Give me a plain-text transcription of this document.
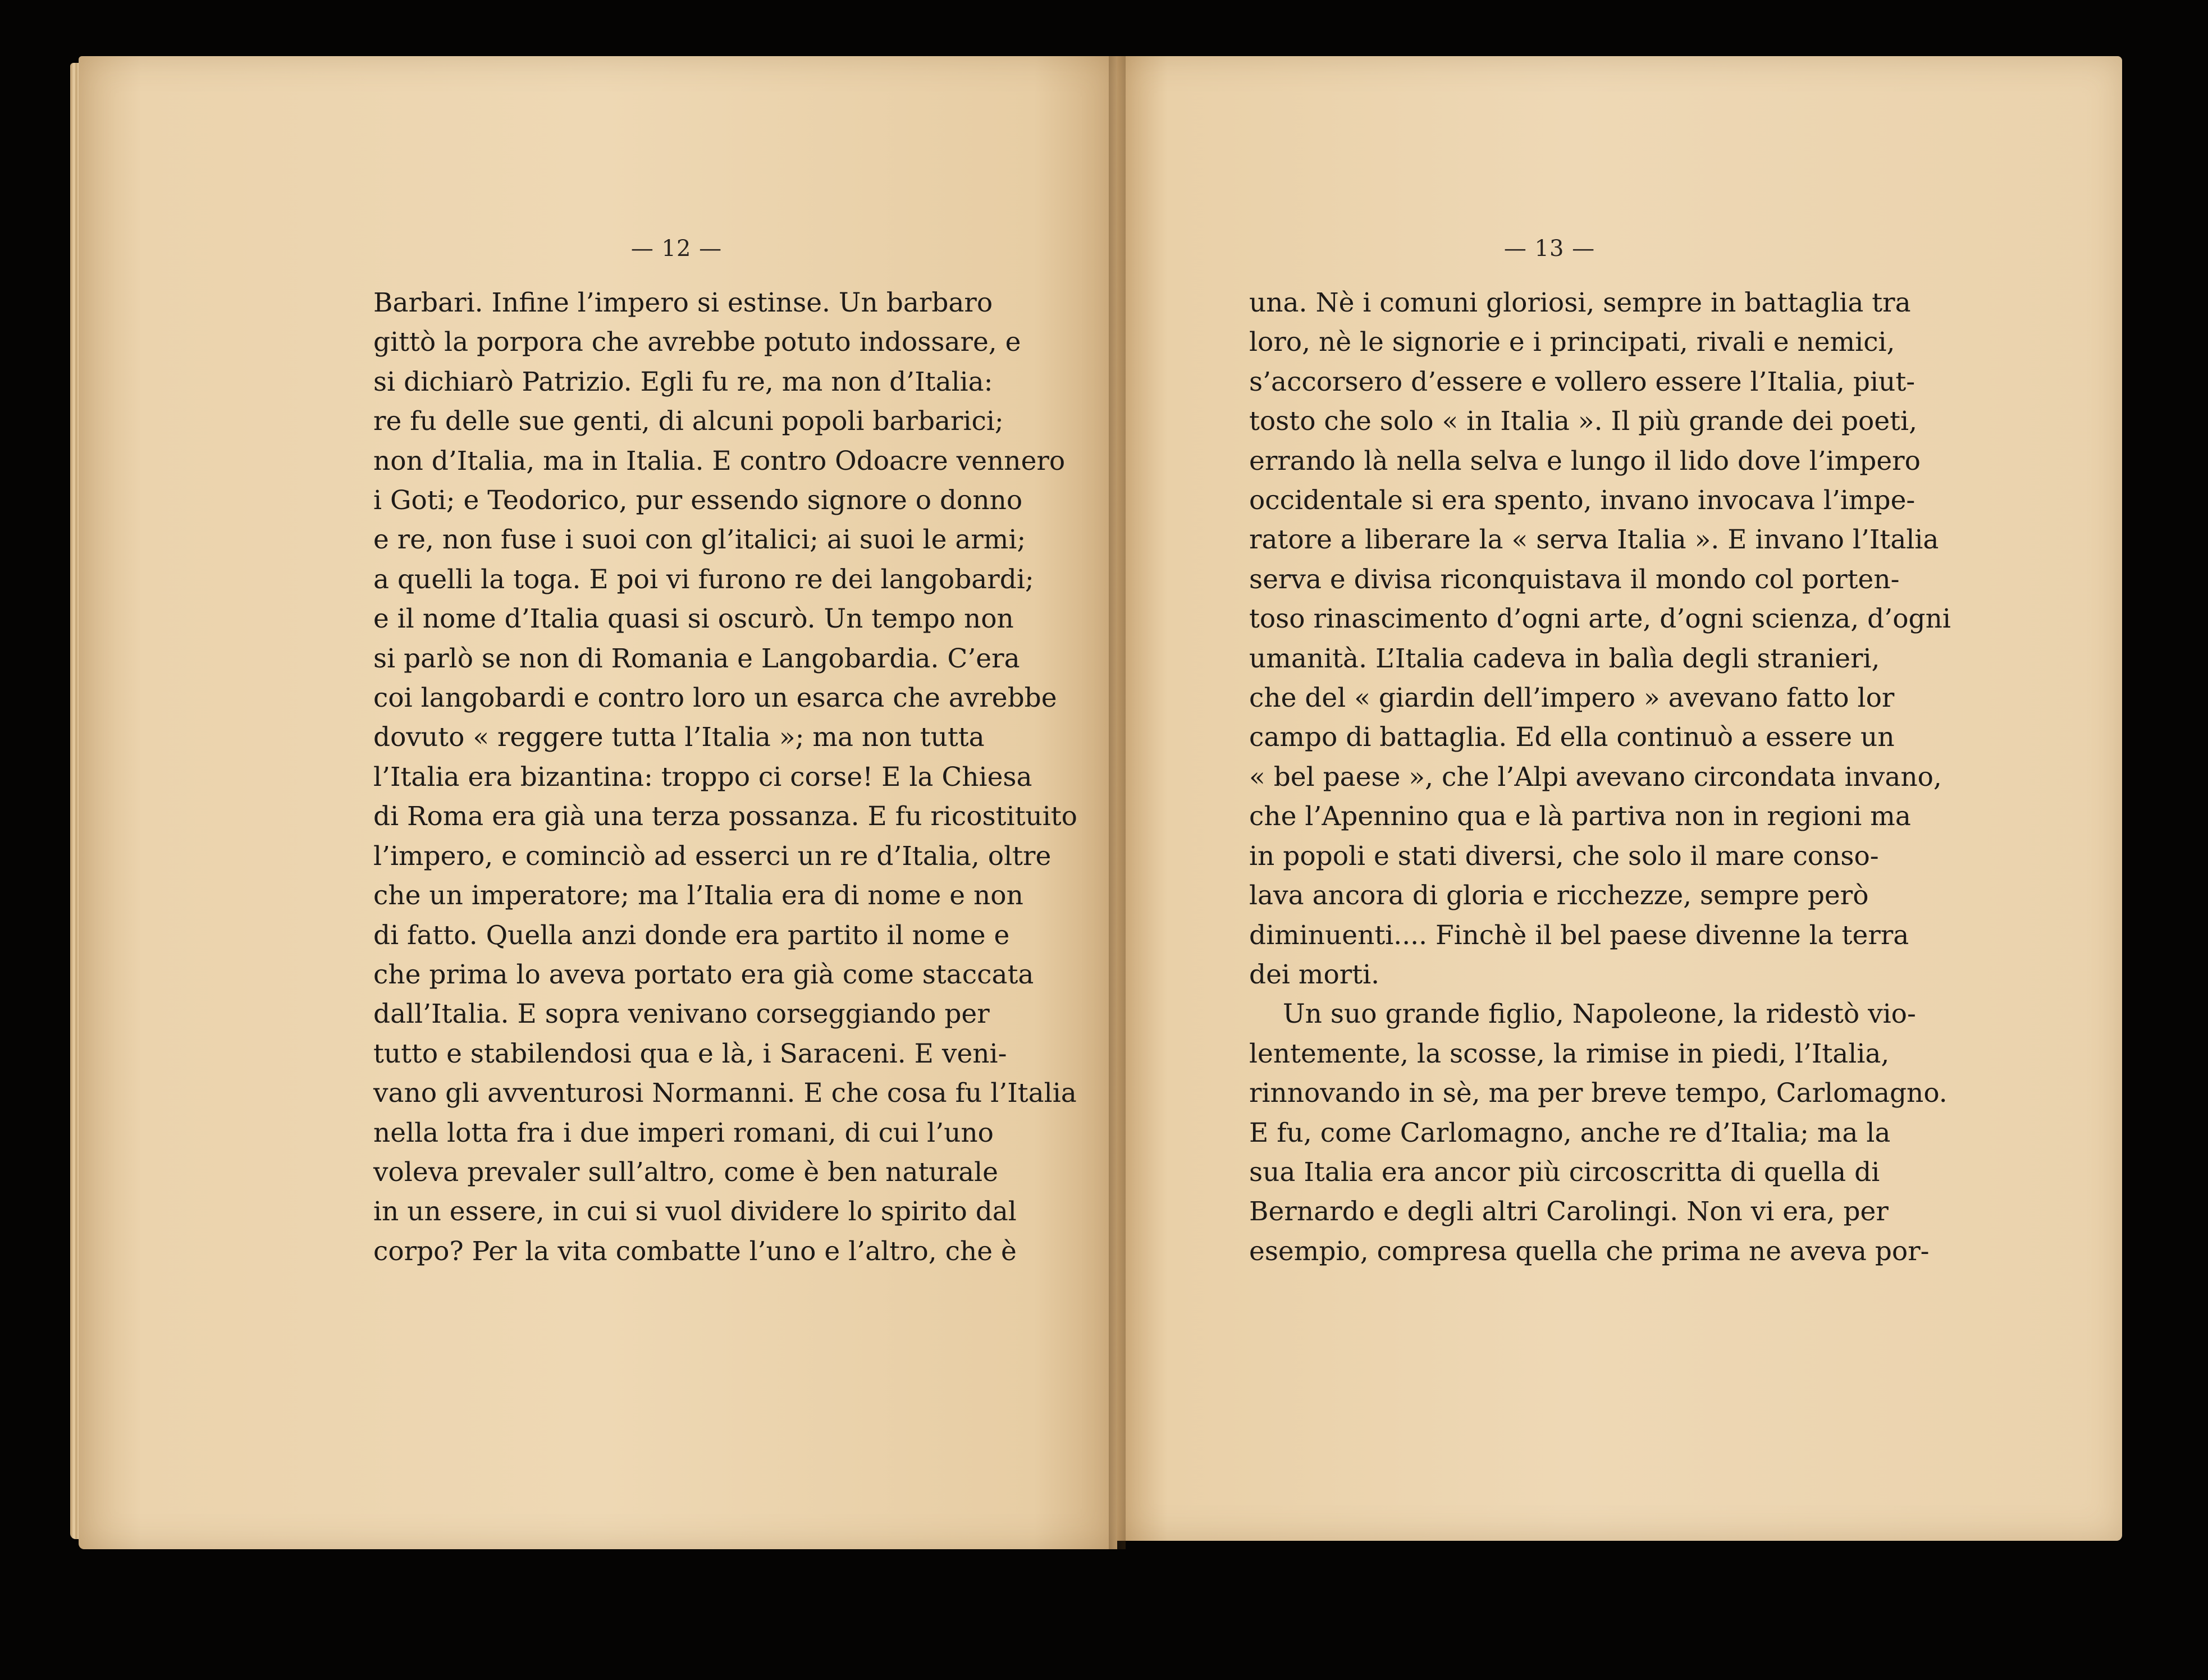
— 12 —	— 13 —
Barbari. Infine l’impero si estinse. Un barbaro
gittò la porpora che avrebbe potuto indossare, e
si dichiarò Patrizio. Egli fu re, ma non d’Italia:
re fu delle sue genti, di alcuni popoli barbarici;
non d’Italia, ma in Italia. E contro Odoacre vennero
i Goti; e Teodorico, pur essendo signore o donno
e re, non fuse i suoi con gl’italici; ai suoi le armi;
a quelli la toga. E poi vi furono re dei langobardi;
e il nome d’Italia quasi si oscurò. Un tempo non
si parlò se non di Romania e Langobardia. C’era
coi langobardi e contro loro un esarca che avrebbe
dovuto « reggere tutta l’Italia »; ma non tutta
l’Italia era bizantina: troppo ci corse! E la Chiesa
di Roma era già una terza possanza. E fu ricostituito
l’impero, e cominciò ad esserci un re d’Italia, oltre
che un imperatore; ma l’Italia era di nome e non
di fatto. Quella anzi donde era partito il nome e
che prima lo aveva portato era già come staccata
dall’Italia. E sopra venivano corseggiando per
tutto e stabilendosi qua e là, i Saraceni. E veni-
vano gli avventurosi Normanni. E che cosa fu l’Italia
nella lotta fra i due imperi romani, di cui l’uno
voleva prevaler sull’altro, come è ben naturale
in un essere, in cui si vuol dividere lo spirito dal
corpo? Per la vita combatte l’uno e l’altro, che è
una. Nè i comuni gloriosi, sempre in battaglia tra
loro, nè le signorie e i principati, rivali e nemici,
s’accorsero d’essere e vollero essere l’Italia, piut-
tosto che solo « in Italia ». Il più grande dei poeti,
errando là nella selva e lungo il lido dove l’impero
occidentale si era spento, invano invocava l’impe-
ratore a liberare la « serva Italia ». E invano l’Italia
serva e divisa riconquistava il mondo col porten-
toso rinascimento d’ogni arte, d’ogni scienza, d’ogni
umanità. L’Italia cadeva in balìa degli stranieri,
che del « giardin dell’impero » avevano fatto lor
campo di battaglia. Ed ella continuò a essere un
« bel paese », che l’Alpi avevano circondata invano,
che l’Apennino qua e là partiva non in regioni ma
in popoli e stati diversi, che solo il mare conso-
lava ancora di gloria e ricchezze, sempre però
diminuenti.... Finchè il bel paese divenne la terra
dei morti.
Un suo grande figlio, Napoleone, la ridestò vio-
lentemente, la scosse, la rimise in piedi, l’Italia,
rinnovando in sè, ma per breve tempo, Carlomagno.
E fu, come Carlomagno, anche re d’Italia; ma la
sua Italia era ancor più circoscritta di quella di
Bernardo e degli altri Carolingi. Non vi era, per
esempio, compresa quella che prima ne aveva por-
